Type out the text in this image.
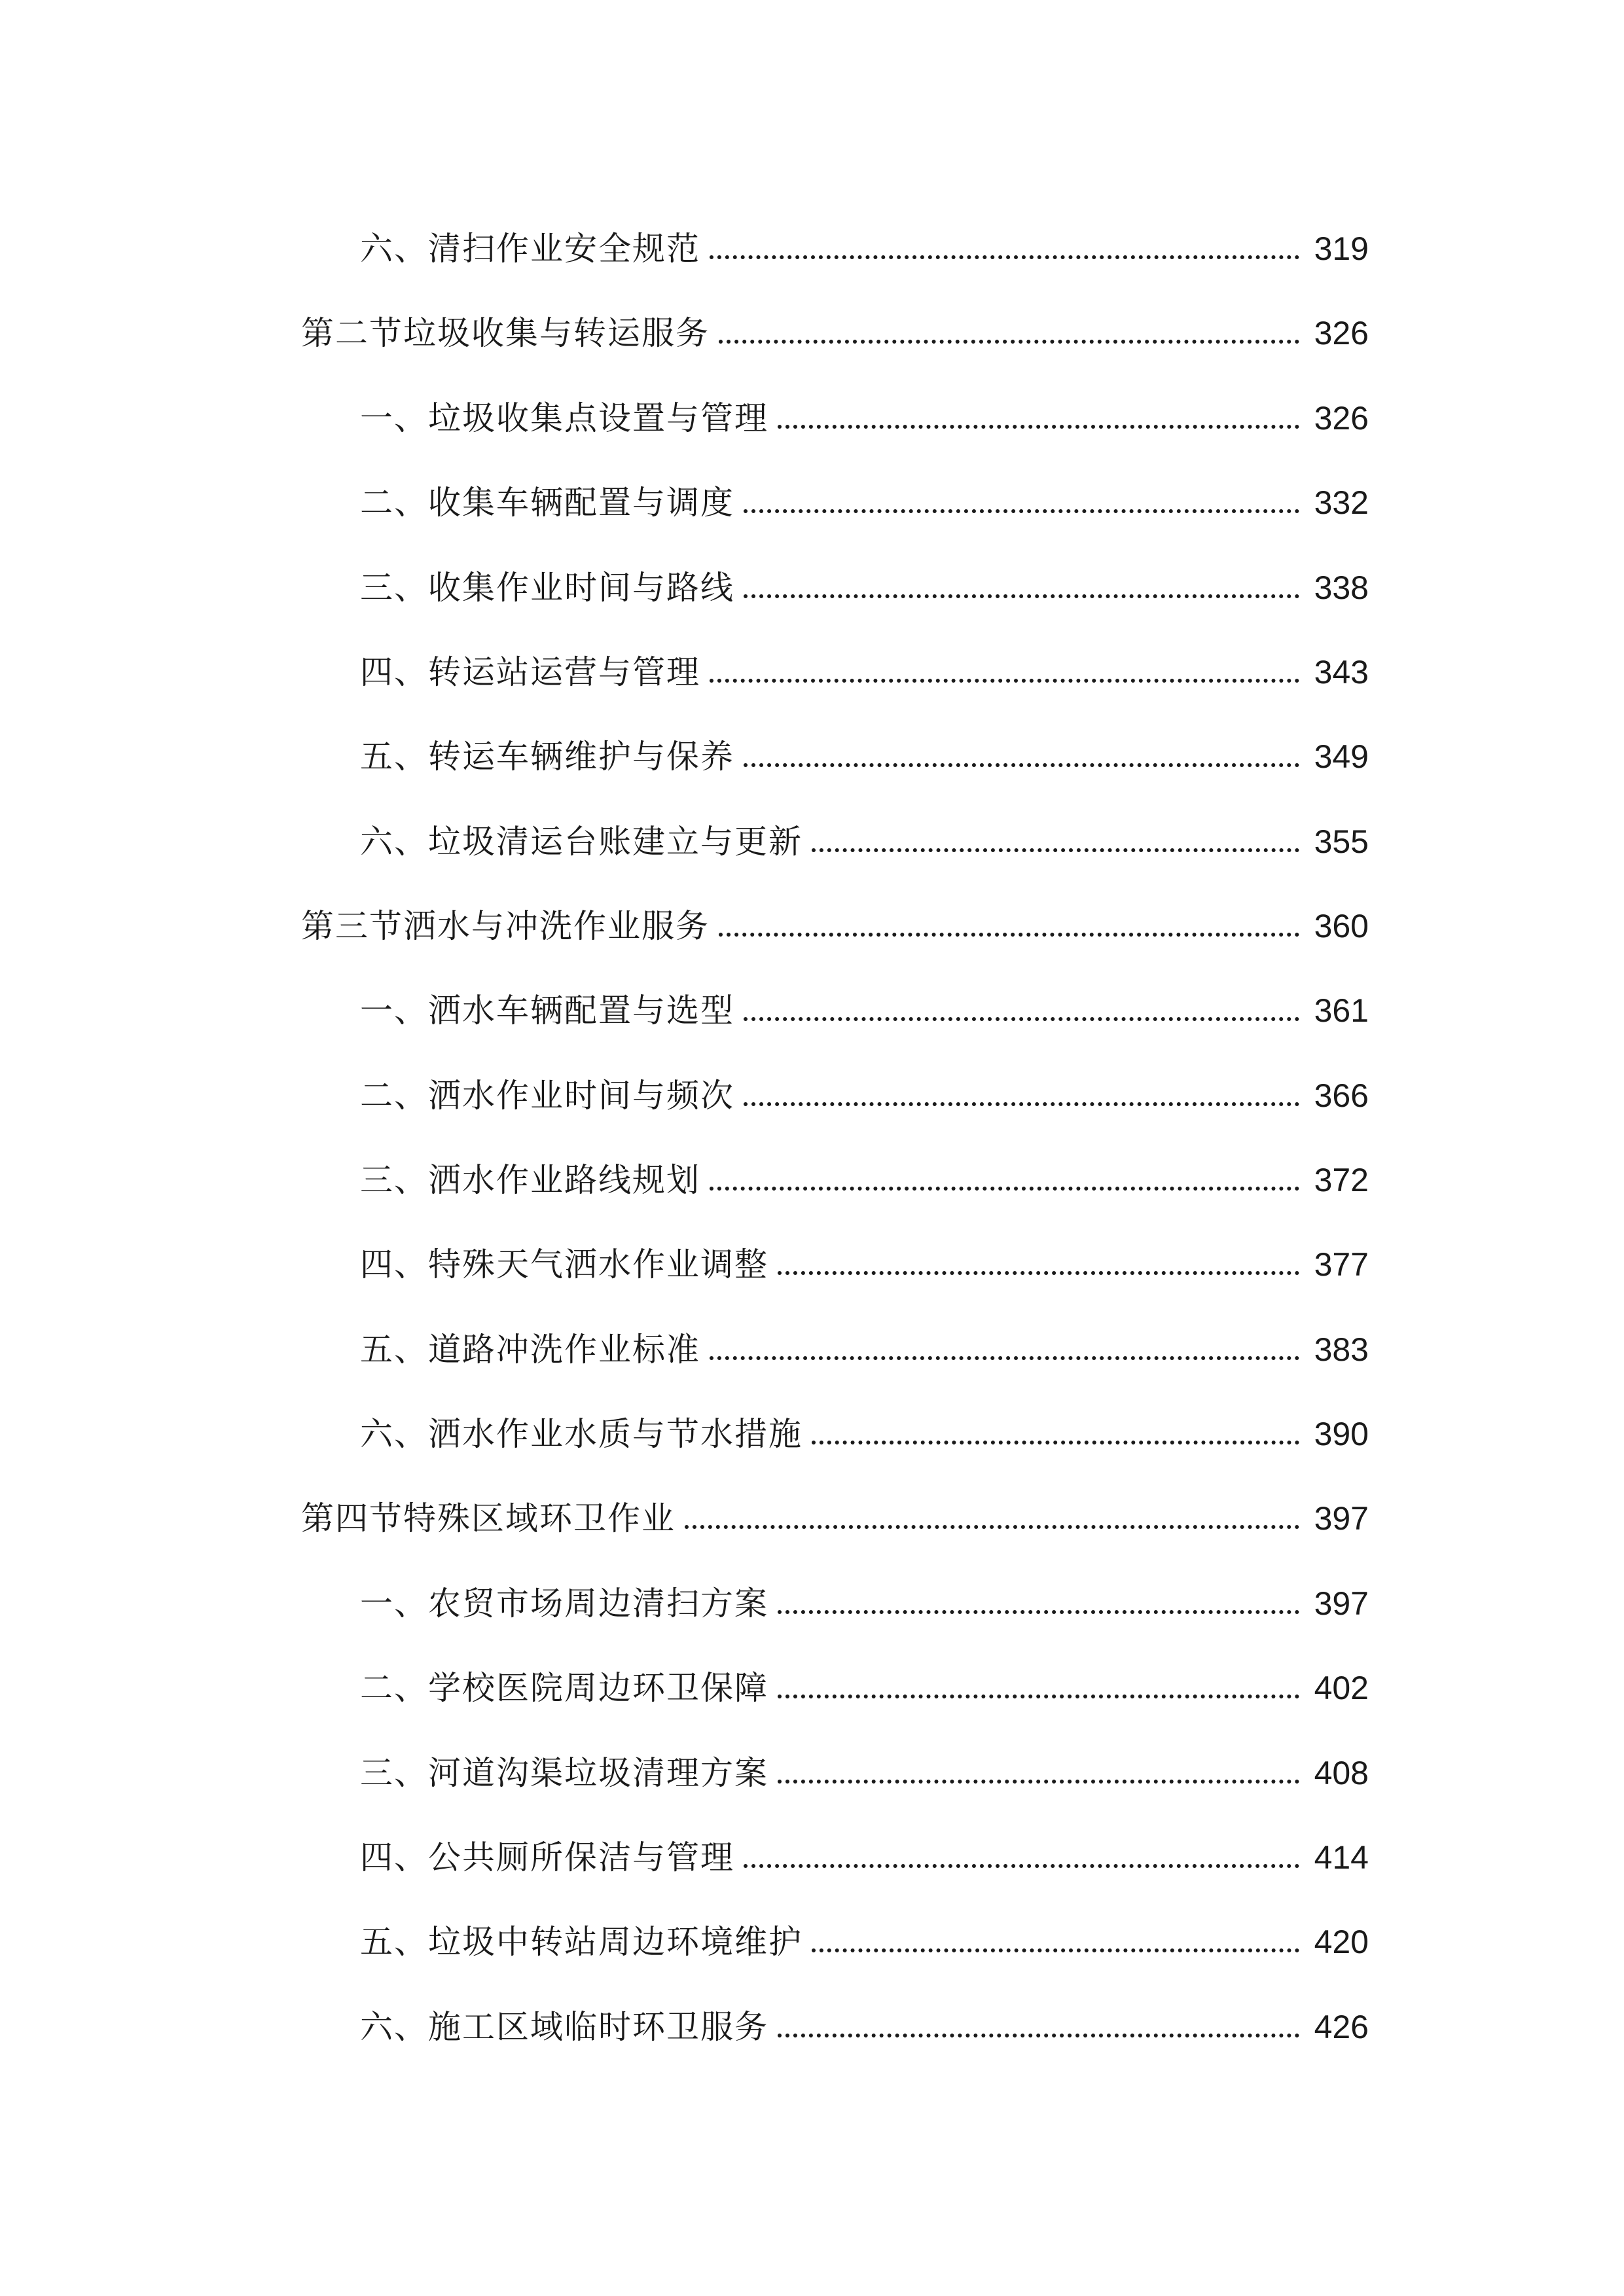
六、清扫作业安全规范	319
第二节垃圾收集与转运服务	326
一、垃圾收集点设置与管理	326
二、收集车辆配置与调度	332
三、收集作业时间与路线	338
四、转运站运营与管理	343
五、转运车辆维护与保养	349
六、垃圾清运台账建立与更新	355
第三节洒水与冲洗作业服务	360
一、洒水车辆配置与选型	361
二、洒水作业时间与频次	366
三、洒水作业路线规划	372
四、特殊天气洒水作业调整	377
五、道路冲洗作业标准	383
六、洒水作业水质与节水措施	390
第四节特殊区域环卫作业	397
一、农贸市场周边清扫方案	397
二、学校医院周边环卫保障	402
三、河道沟渠垃圾清理方案	408
四、公共厕所保洁与管理	414
五、垃圾中转站周边环境维护	420
六、施工区域临时环卫服务	426
